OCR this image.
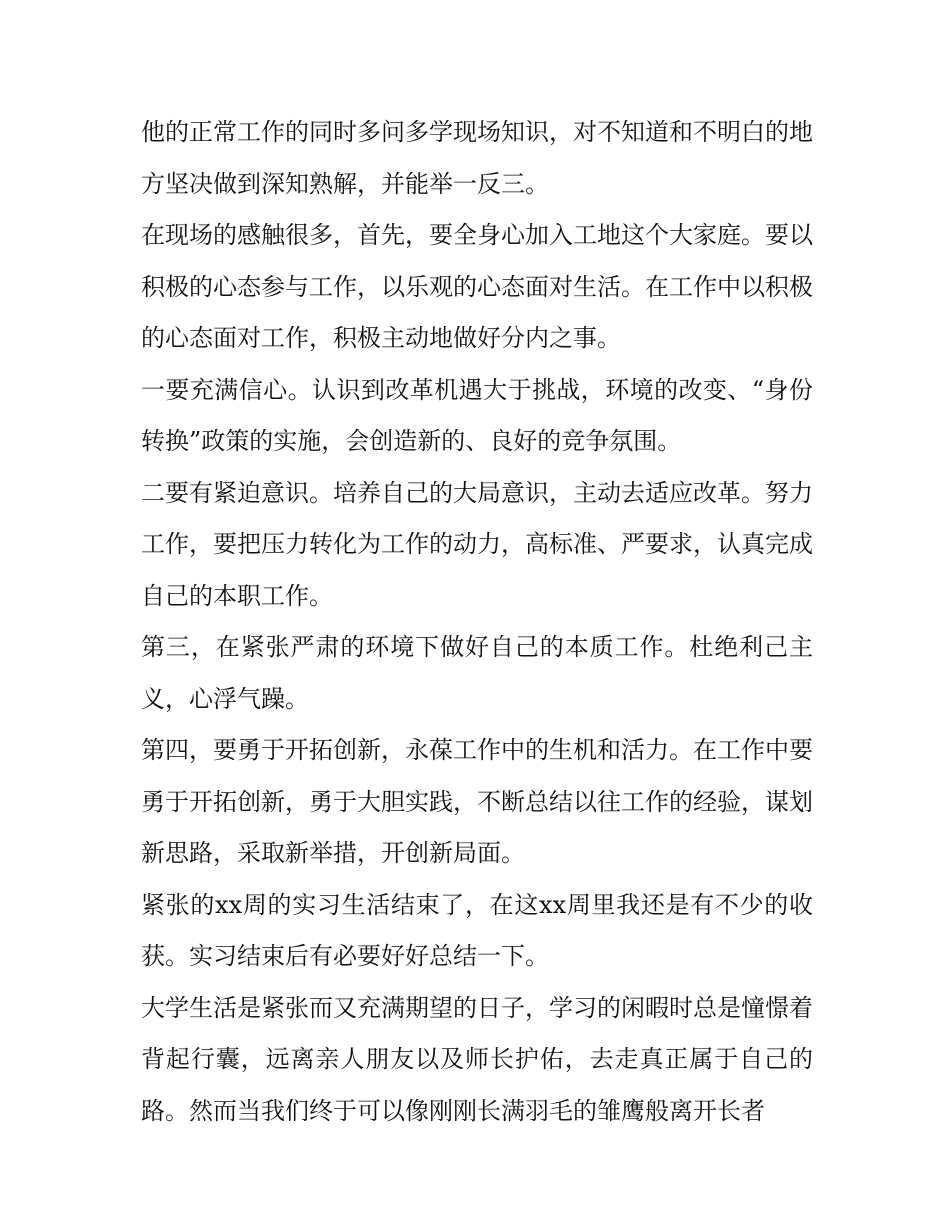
他的正常工作的同时多问多学现场知识，对不知道和不明白的地方坚决做到深知熟解，并能举一反三。

在现场的感触很多，首先，要全身心加入工地这个大家庭。要以积极的心态参与工作，以乐观的心态面对生活。在工作中以积极的心态面对工作，积极主动地做好分内之事。

一要充满信心。认识到改革机遇大于挑战，环境的改变、“身份转换”政策的实施，会创造新的、良好的竞争氛围。

二要有紧迫意识。培养自己的大局意识，主动去适应改革。努力工作，要把压力转化为工作的动力，高标准、严要求，认真完成自己的本职工作。

第三，在紧张严肃的环境下做好自己的本质工作。杜绝利己主义，心浮气躁。

第四，要勇于开拓创新，永葆工作中的生机和活力。在工作中要勇于开拓创新，勇于大胆实践，不断总结以往工作的经验，谋划新思路，采取新举措，开创新局面。

紧张的xx周的实习生活结束了，在这xx周里我还是有不少的收获。实习结束后有必要好好总结一下。

大学生活是紧张而又充满期望的日子，学习的闲暇时总是憧憬着背起行囊，远离亲人朋友以及师长护佑，去走真正属于自己的路。然而当我们终于可以像刚刚长满羽毛的雏鹰般离开长者
